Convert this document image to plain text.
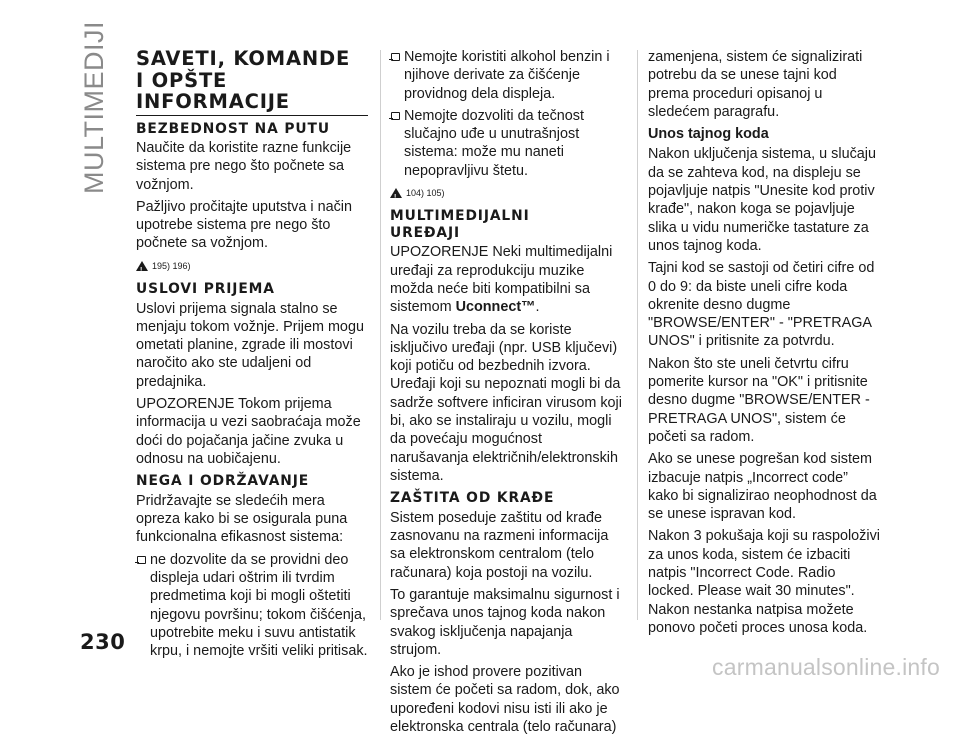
MULTIMEDIJI SAVETI, KOMANDE
I OPŠTE
INFORMACIJE
BEZBEDNOST NA PUTU

Naučite da koristite razne funkcije sistema pre nego što počnete sa vožnjom.

Pažljivo pročitajte uputstva i način upotrebe sistema pre nego što počnete sa vožnjom.

!
195) 196)
USLOVI PRIJEMA

Uslovi prijema signala stalno se menjaju tokom vožnje. Prijem mogu ometati planine, zgrade ili mostovi naročito ako ste udaljeni od predajnika.

UPOZORENJE Tokom prijema informacija u vezi saobraćaja može doći do pojačanja jačine zvuka u odnosu na uobičajenu.

NEGA I ODRŽAVANJE

Pridržavajte se sledećih mera opreza kako bi se osigurala puna funkcionalna efikasnost sistema:

ne dozvolite da se providni deo displeja udari oštrim ili tvrdim predmetima koji bi mogli oštetiti njegovu površinu; tokom čišćenja, upotrebite meku i suvu antistatik krpu, i nemojte vršiti veliki pritisak.

Nemojte koristiti alkohol benzin i njihove derivate za čišćenje providnog dela displeja.

Nemojte dozvoliti da tečnost slučajno uđe u unutrašnjost sistema: može mu naneti nepopravljivu štetu.

!
104) 105)
MULTIMEDIJALNI
UREĐAJI

UPOZORENJE Neki multimedijalni uređaji za reprodukciju muzike možda neće biti kompatibilni sa sistemom Uconnect™.

Na vozilu treba da se koriste isključivo uređaji (npr. USB ključevi) koji potiču od bezbednih izvora. Uređaji koji su nepoznati mogli bi da sadrže softvere inficiran virusom koji bi, ako se instaliraju u vozilu, mogli da povećaju mogućnost narušavanja električnih/elektronskih sistema.

ZAŠTITA OD KRAĐE

Sistem poseduje zaštitu od krađe zasnovanu na razmeni informacija sa elektronskom centralom (telo računara) koja postoji na vozilu.

To garantuje maksimalnu sigurnost i sprečava unos tajnog koda nakon svakog isključenja napajanja strujom.

Ako je ishod provere pozitivan sistem će početi sa radom, dok, ako upoređeni kodovi nisu isti ili ako je elektronska centrala (telo računara)

zamenjena, sistem će signalizirati potrebu da se unese tajni kod prema proceduri opisanoj u sledećem paragrafu.

Unos tajnog koda

Nakon uključenja sistema, u slučaju da se zahteva kod, na displeju se pojavljuje natpis "Unesite kod protiv krađe", nakon koga se pojavljuje slika u vidu numeričke tastature za unos tajnog koda.

Tajni kod se sastoji od četiri cifre od 0 do 9: da biste uneli cifre koda okrenite desno dugme "BROWSE/ENTER" - "PRETRAGA UNOS" i pritisnite za potvrdu.

Nakon što ste uneli četvrtu cifru pomerite kursor na "OK" i pritisnite desno dugme "BROWSE/ENTER - PRETRAGA UNOS", sistem će početi sa radom.

Ako se unese pogrešan kod sistem izbacuje natpis „Incorrect code” kako bi signalizirao neophodnost da se unese ispravan kod.

Nakon 3 pokušaja koji su raspoloživi za unos koda, sistem će izbaciti natpis "Incorrect Code. Radio locked. Please wait 30 minutes". Nakon nestanka natpisa možete ponovo početi proces unosa koda.

230
carmanualsonline.info
